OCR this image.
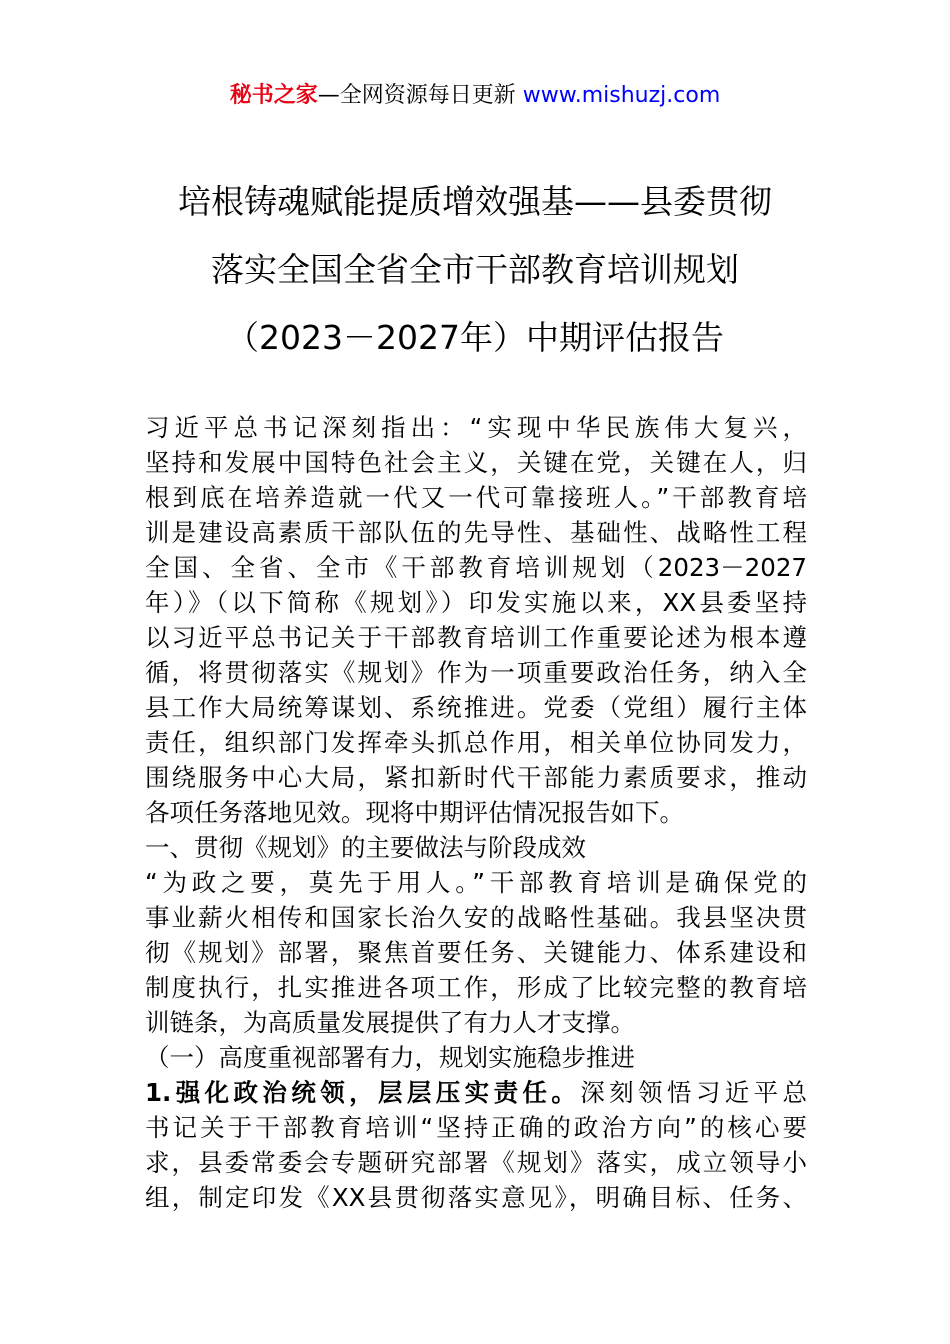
秘书之家—全网资源每日更新 www.mishuzj.com
培根铸魂赋能提质增效强基——县委贯彻
落实全国全省全市干部教育培训规划
（2023－2027年）中期评估报告
习近平总书记深刻指出：“实现中华民族伟大复兴，
坚持和发展中国特色社会主义，关键在党，关键在人，归
根到底在培养造就一代又一代可靠接班人。”干部教育培
训是建设高素质干部队伍的先导性、基础性、战略性工程
全国、全省、全市《干部教育培训规划（2023－2027
年）》（以下简称《规划》）印发实施以来，XX县委坚持
以习近平总书记关于干部教育培训工作重要论述为根本遵
循，将贯彻落实《规划》作为一项重要政治任务，纳入全
县工作大局统筹谋划、系统推进。党委（党组）履行主体
责任，组织部门发挥牵头抓总作用，相关单位协同发力，
围绕服务中心大局，紧扣新时代干部能力素质要求，推动
各项任务落地见效。现将中期评估情况报告如下。
一、贯彻《规划》的主要做法与阶段成效
“为政之要，莫先于用人。”干部教育培训是确保党的
事业薪火相传和国家长治久安的战略性基础。我县坚决贯
彻《规划》部署，聚焦首要任务、关键能力、体系建设和
制度执行，扎实推进各项工作，形成了比较完整的教育培
训链条，为高质量发展提供了有力人才支撑。
（一）高度重视部署有力，规划实施稳步推进
1.强化政治统领，层层压实责任。深刻领悟习近平总
书记关于干部教育培训“坚持正确的政治方向”的核心要
求，县委常委会专题研究部署《规划》落实，成立领导小
组，制定印发《XX县贯彻落实意见》，明确目标、任务、
